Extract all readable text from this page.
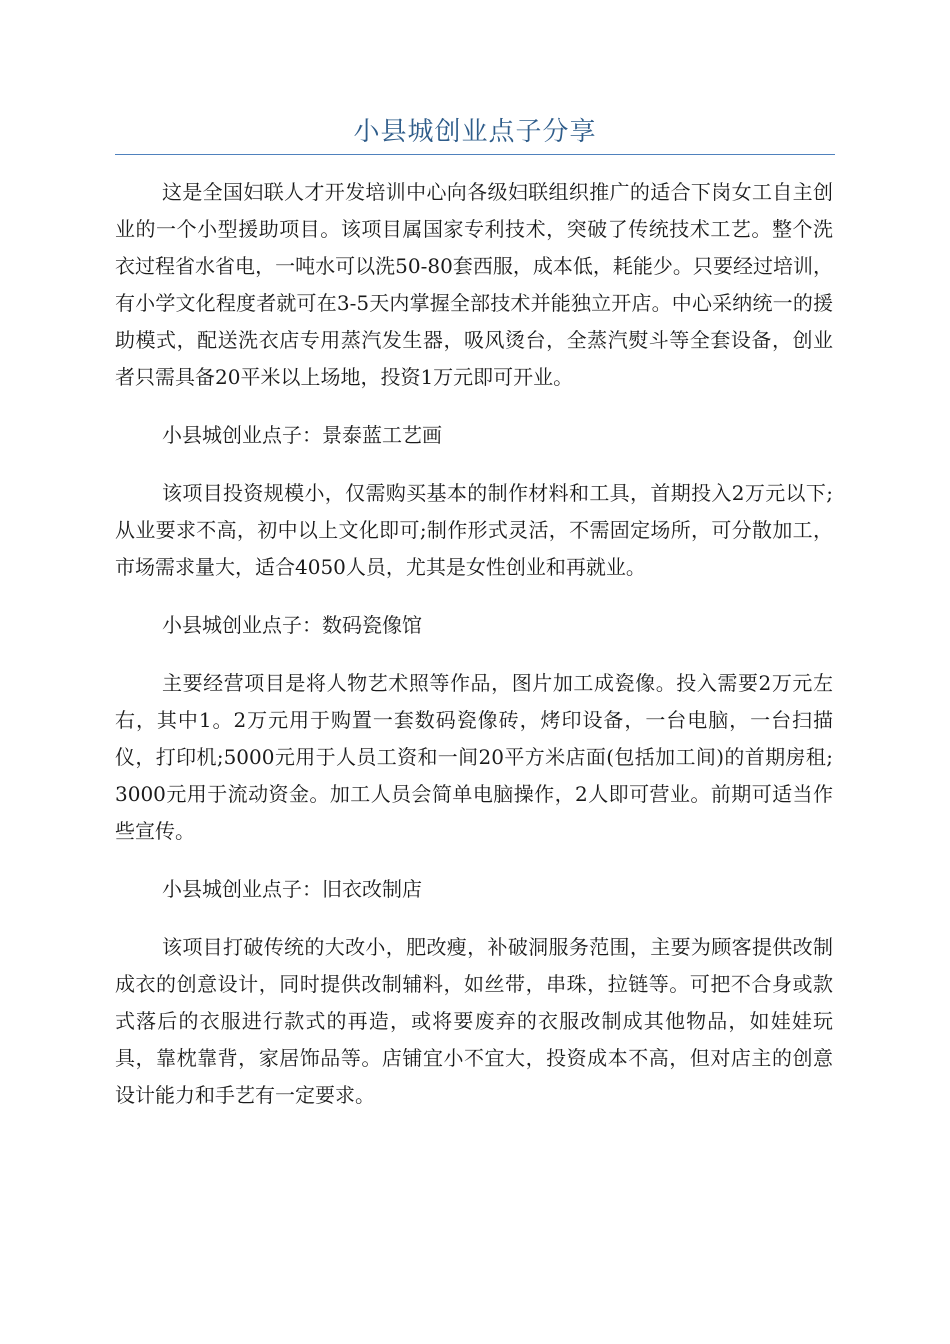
小县城创业点子分享

这是全国妇联人才开发培训中心向各级妇联组织推广的适合下岗女工自主创业的一个小型援助项目。该项目属国家专利技术，突破了传统技术工艺。整个洗衣过程省水省电，一吨水可以洗50-80套西服，成本低，耗能少。只要经过培训，有小学文化程度者就可在3-5天内掌握全部技术并能独立开店。中心采纳统一的援助模式，配送洗衣店专用蒸汽发生器，吸风烫台，全蒸汽熨斗等全套设备，创业者只需具备20平米以上场地，投资1万元即可开业。

小县城创业点子：景泰蓝工艺画

该项目投资规模小，仅需购买基本的制作材料和工具，首期投入2万元以下;从业要求不高，初中以上文化即可;制作形式灵活，不需固定场所，可分散加工，市场需求量大，适合4050人员，尤其是女性创业和再就业。

小县城创业点子：数码瓷像馆

主要经营项目是将人物艺术照等作品，图片加工成瓷像。投入需要2万元左右，其中1。2万元用于购置一套数码瓷像砖，烤印设备，一台电脑，一台扫描仪，打印机;5000元用于人员工资和一间20平方米店面(包括加工间)的首期房租;3000元用于流动资金。加工人员会简单电脑操作，2人即可营业。前期可适当作些宣传。

小县城创业点子：旧衣改制店

该项目打破传统的大改小，肥改瘦，补破洞服务范围，主要为顾客提供改制成衣的创意设计，同时提供改制辅料，如丝带，串珠，拉链等。可把不合身或款式落后的衣服进行款式的再造，或将要废弃的衣服改制成其他物品，如娃娃玩具，靠枕靠背，家居饰品等。店铺宜小不宜大，投资成本不高，但对店主的创意设计能力和手艺有一定要求。
